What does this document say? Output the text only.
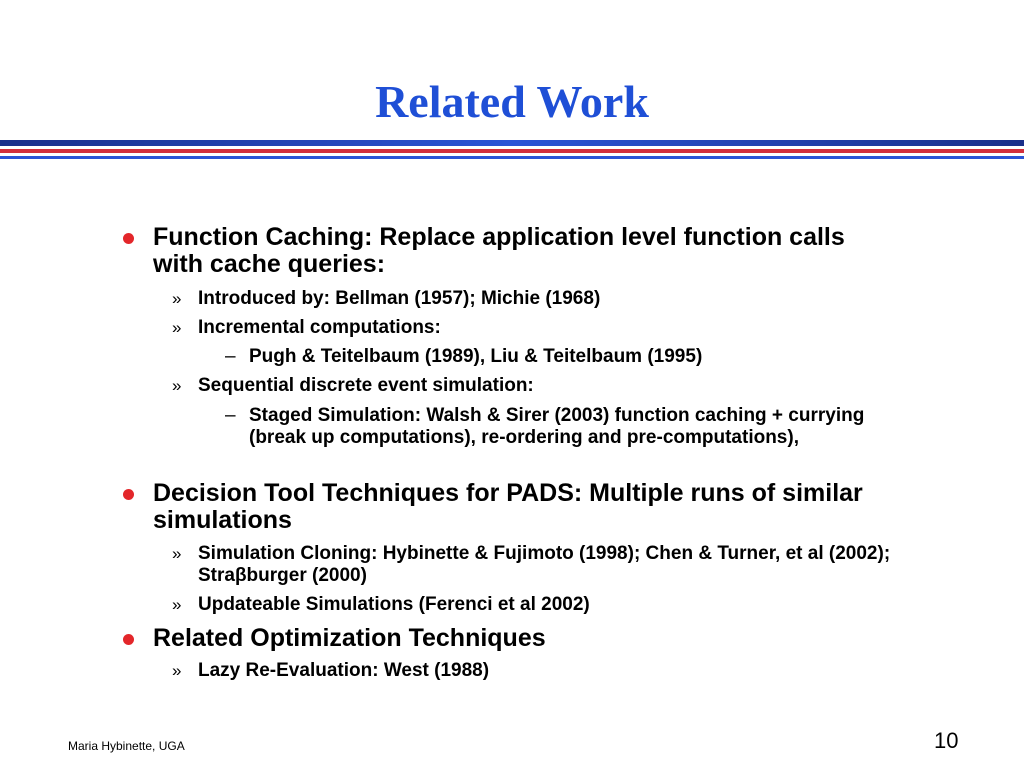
Related Work
Function Caching: Replace application level function calls with cache queries:
» Introduced by: Bellman (1957); Michie (1968)
» Incremental computations:
– Pugh & Teitelbaum (1989), Liu & Teitelbaum (1995)
» Sequential discrete event simulation:
– Staged Simulation: Walsh & Sirer (2003) function caching + currying (break up computations), re-ordering and pre-computations),
Decision Tool Techniques for PADS: Multiple runs of similar simulations
» Simulation Cloning: Hybinette & Fujimoto (1998); Chen & Turner, et al (2002); Straβburger (2000)
» Updateable Simulations (Ferenci et al 2002)
Related Optimization Techniques
» Lazy Re-Evaluation: West (1988)
Maria Hybinette, UGA	10
